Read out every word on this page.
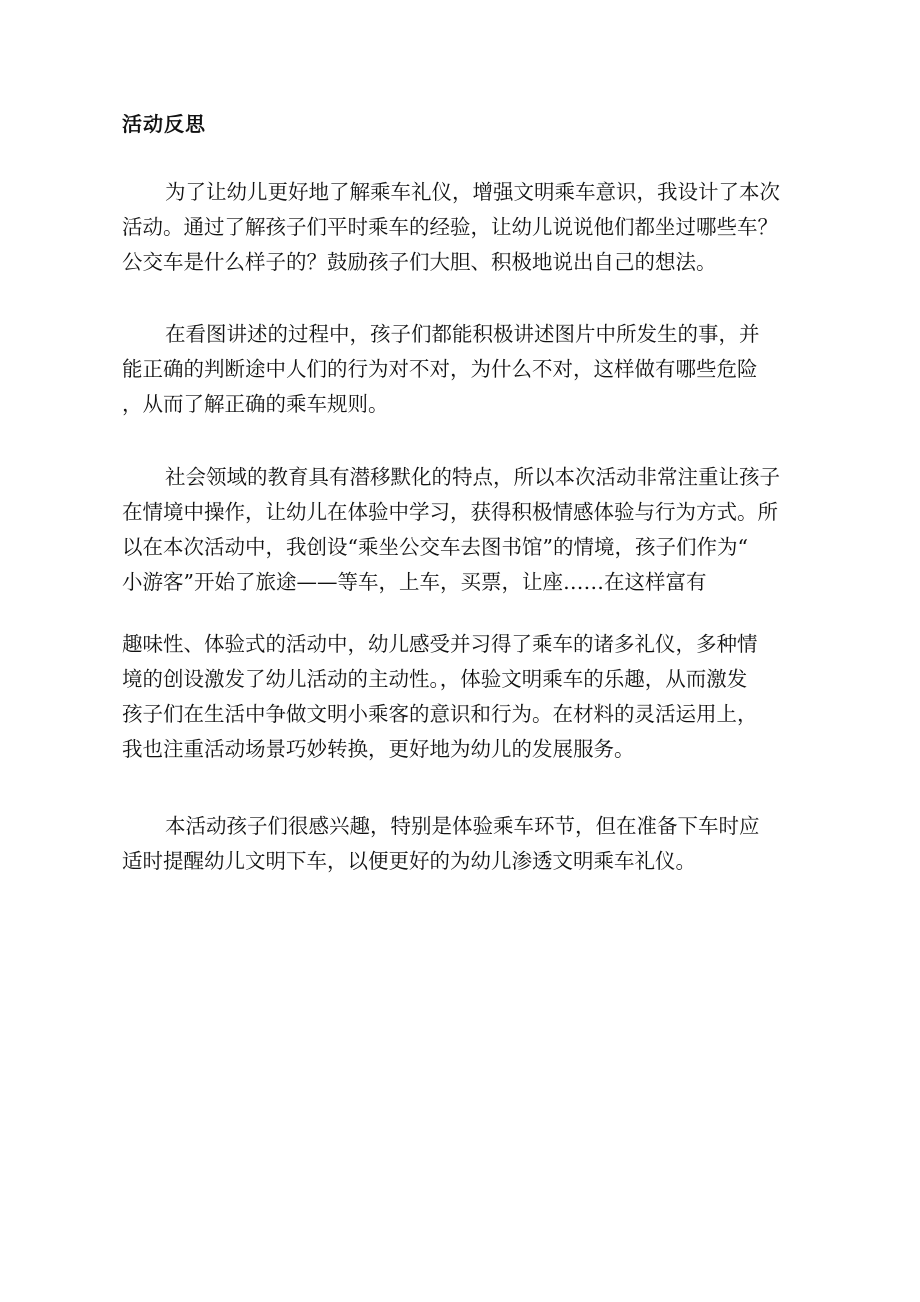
活动反思
为了让幼儿更好地了解乘车礼仪，增强文明乘车意识，我设计了本次
活动。通过了解孩子们平时乘车的经验，让幼儿说说他们都坐过哪些车？
公交车是什么样子的？鼓励孩子们大胆、积极地说出自己的想法。
在看图讲述的过程中，孩子们都能积极讲述图片中所发生的事，并
能正确的判断途中人们的行为对不对，为什么不对，这样做有哪些危险
，从而了解正确的乘车规则。
社会领域的教育具有潜移默化的特点，所以本次活动非常注重让孩子
在情境中操作，让幼儿在体验中学习，获得积极情感体验与行为方式。所
以在本次活动中，我创设“乘坐公交车去图书馆”的情境，孩子们作为“
小游客”开始了旅途——等车，上车，买票，让座……在这样富有
趣味性、体验式的活动中，幼儿感受并习得了乘车的诸多礼仪，多种情
境的创设激发了幼儿活动的主动性。，体验文明乘车的乐趣，从而激发
孩子们在生活中争做文明小乘客的意识和行为。在材料的灵活运用上，
我也注重活动场景巧妙转换，更好地为幼儿的发展服务。
本活动孩子们很感兴趣，特别是体验乘车环节，但在准备下车时应
适时提醒幼儿文明下车，以便更好的为幼儿渗透文明乘车礼仪。
